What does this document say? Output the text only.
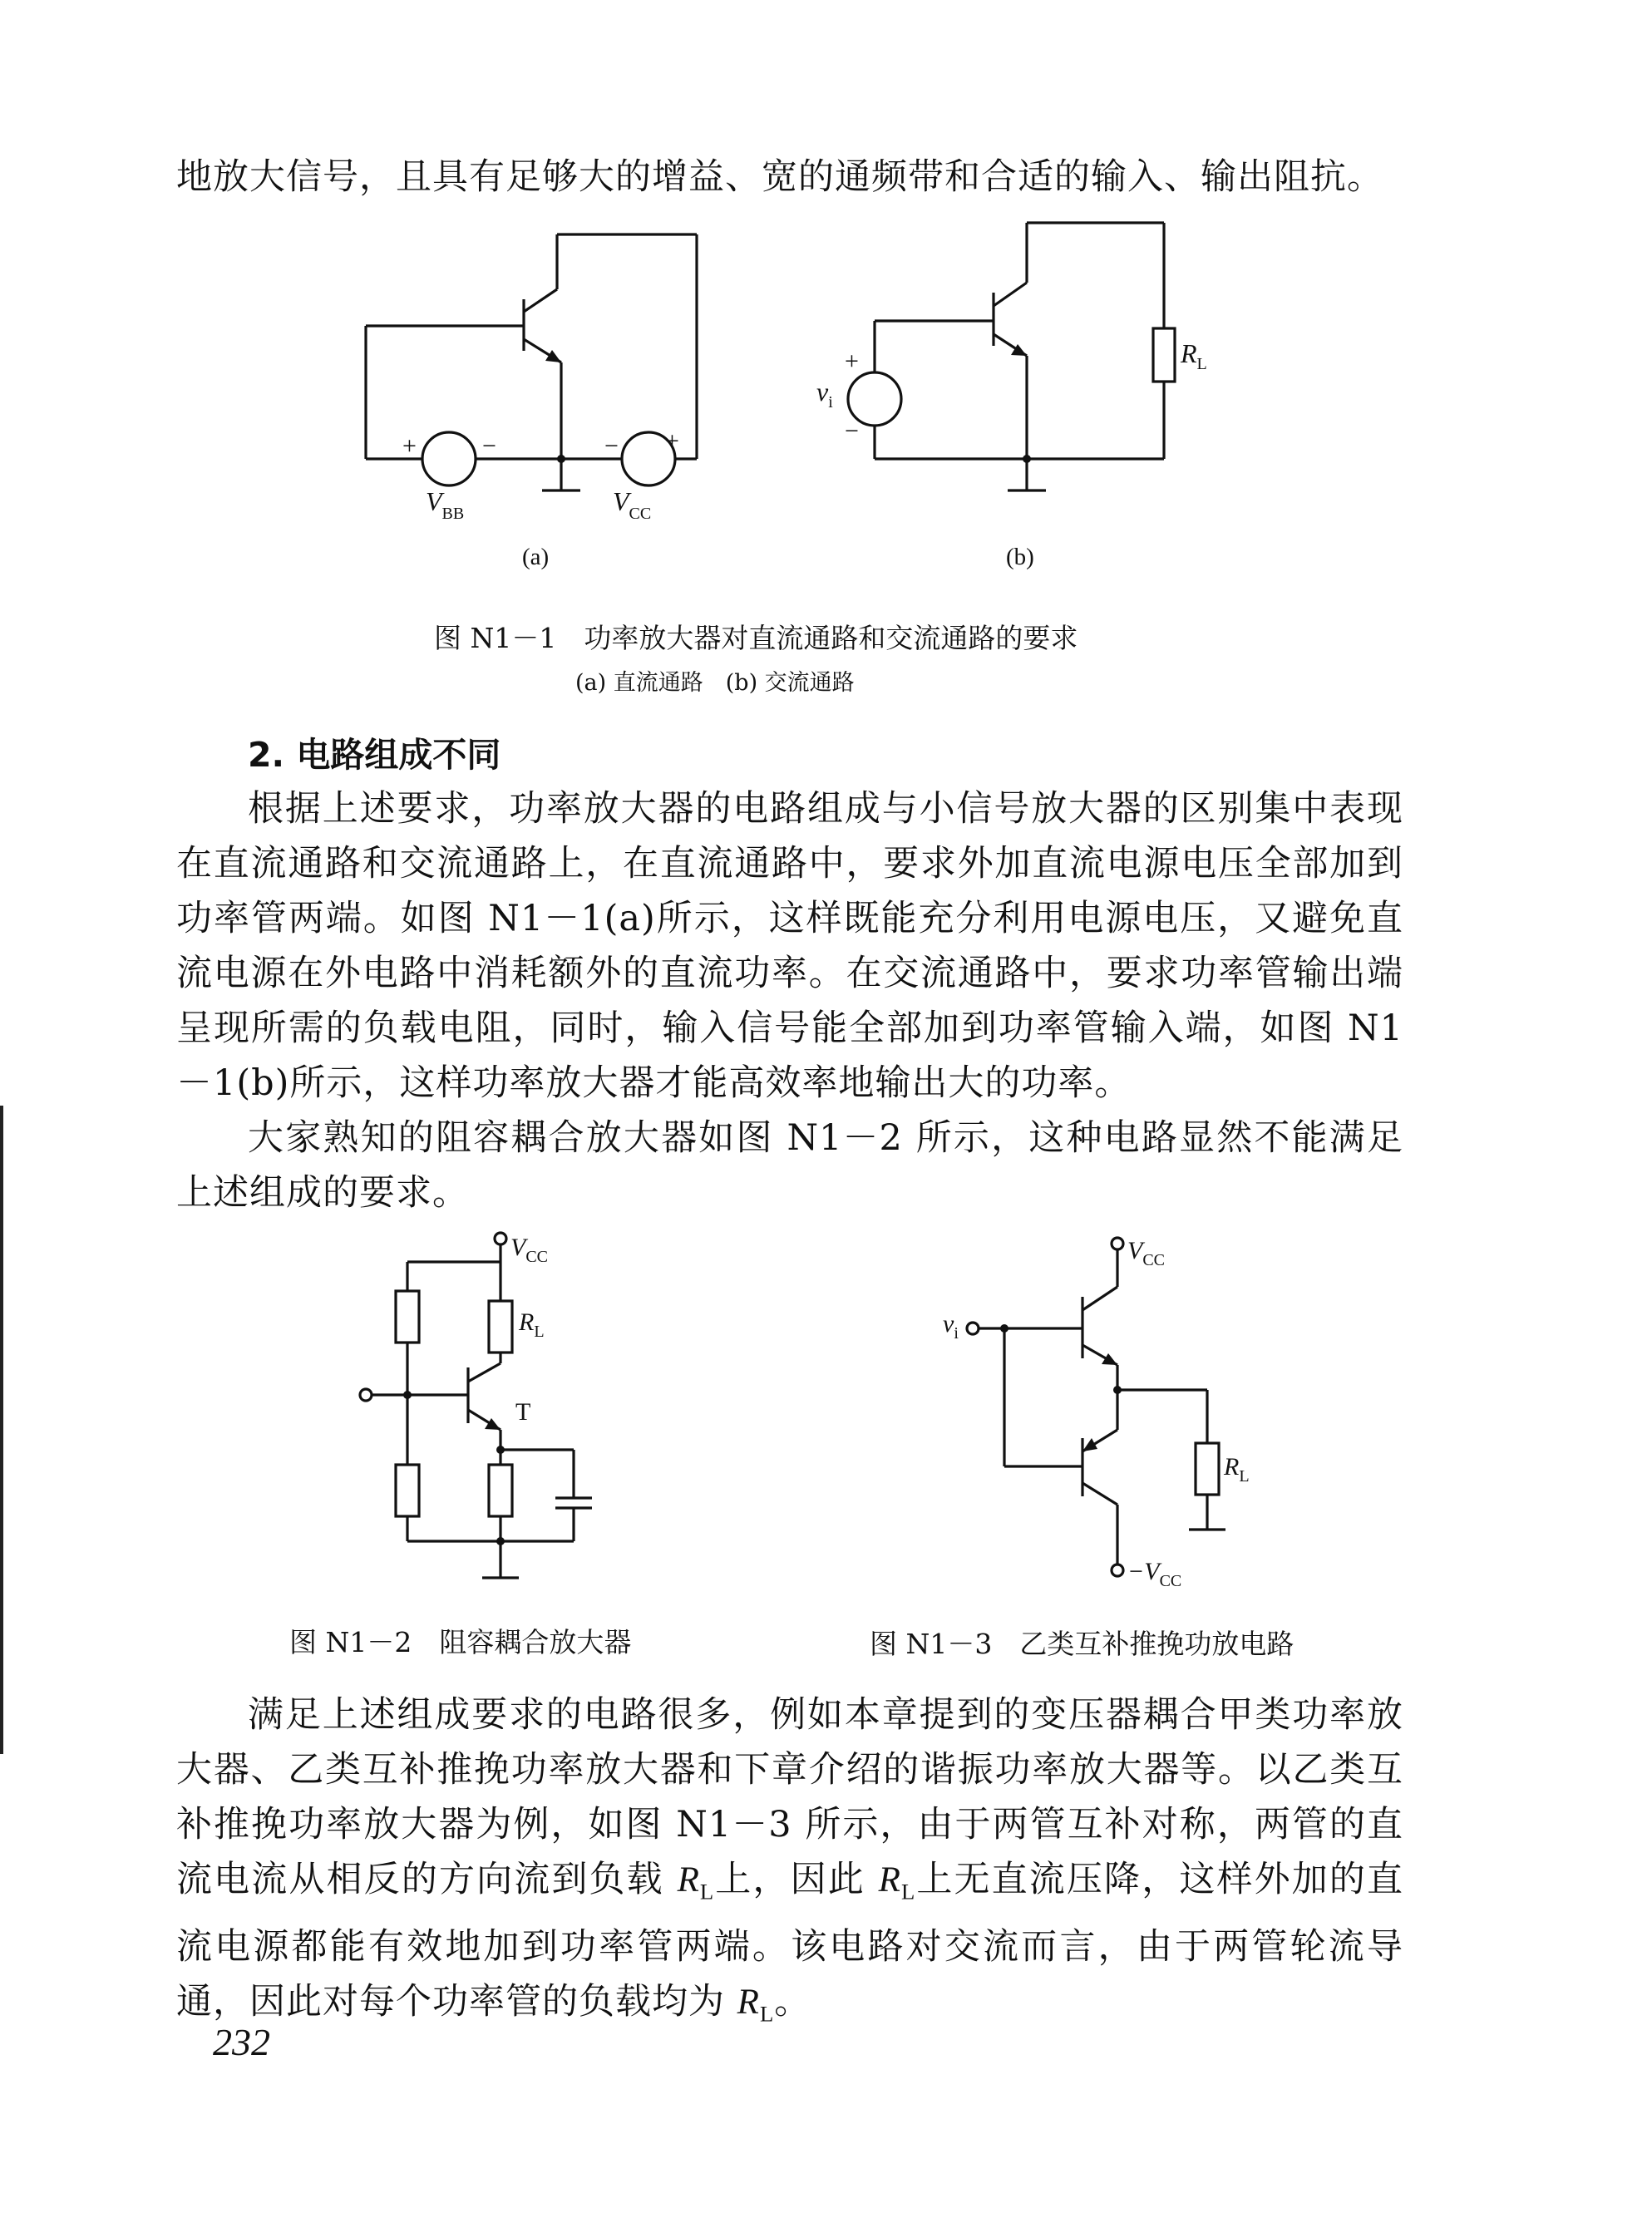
地放大信号，且具有足够大的增益、宽的通频带和合适的输入、输出阻抗。

+	−	− +
$V_{BB}$	$V_{CC}$
+
−
$v_i$
$R_L$
(a)	(b)
图 N1－1　功率放大器对直流通路和交流通路的要求
(a) 直流通路　(b) 交流通路
2. 电路组成不同

根据上述要求，功率放大器的电路组成与小信号放大器的区别集中表现在直流通路和交流通路上，在直流通路中，要求外加直流电源电压全部加到功率管两端。如图 N1－1(a)所示，这样既能充分利用电源电压，又避免直流电源在外电路中消耗额外的直流功率。在交流通路中，要求功率管输出端呈现所需的负载电阻，同时，输入信号能全部加到功率管输入端，如图 N1－1(b)所示，这样功率放大器才能高效率地输出大的功率。

大家熟知的阻容耦合放大器如图 N1－2 所示，这种电路显然不能满足上述组成的要求。

$V_{CC}$
$R_L$
T
$V_{CC}$
$v_i$
$R_L$
$-V_{CC}$
图 N1－2　阻容耦合放大器	图 N1－3　乙类互补推挽功放电路

满足上述组成要求的电路很多，例如本章提到的变压器耦合甲类功率放大器、乙类互补推挽功率放大器和下章介绍的谐振功率放大器等。以乙类互补推挽功率放大器为例，如图 N1－3 所示，由于两管互补对称，两管的直流电流从相反的方向流到负载 $R_L$上，因此 $R_L$上无直流压降，这样外加的直流电源都能有效地加到功率管两端。该电路对交流而言，由于两管轮流导通，因此对每个功率管的负载均为 $R_L$。

232
